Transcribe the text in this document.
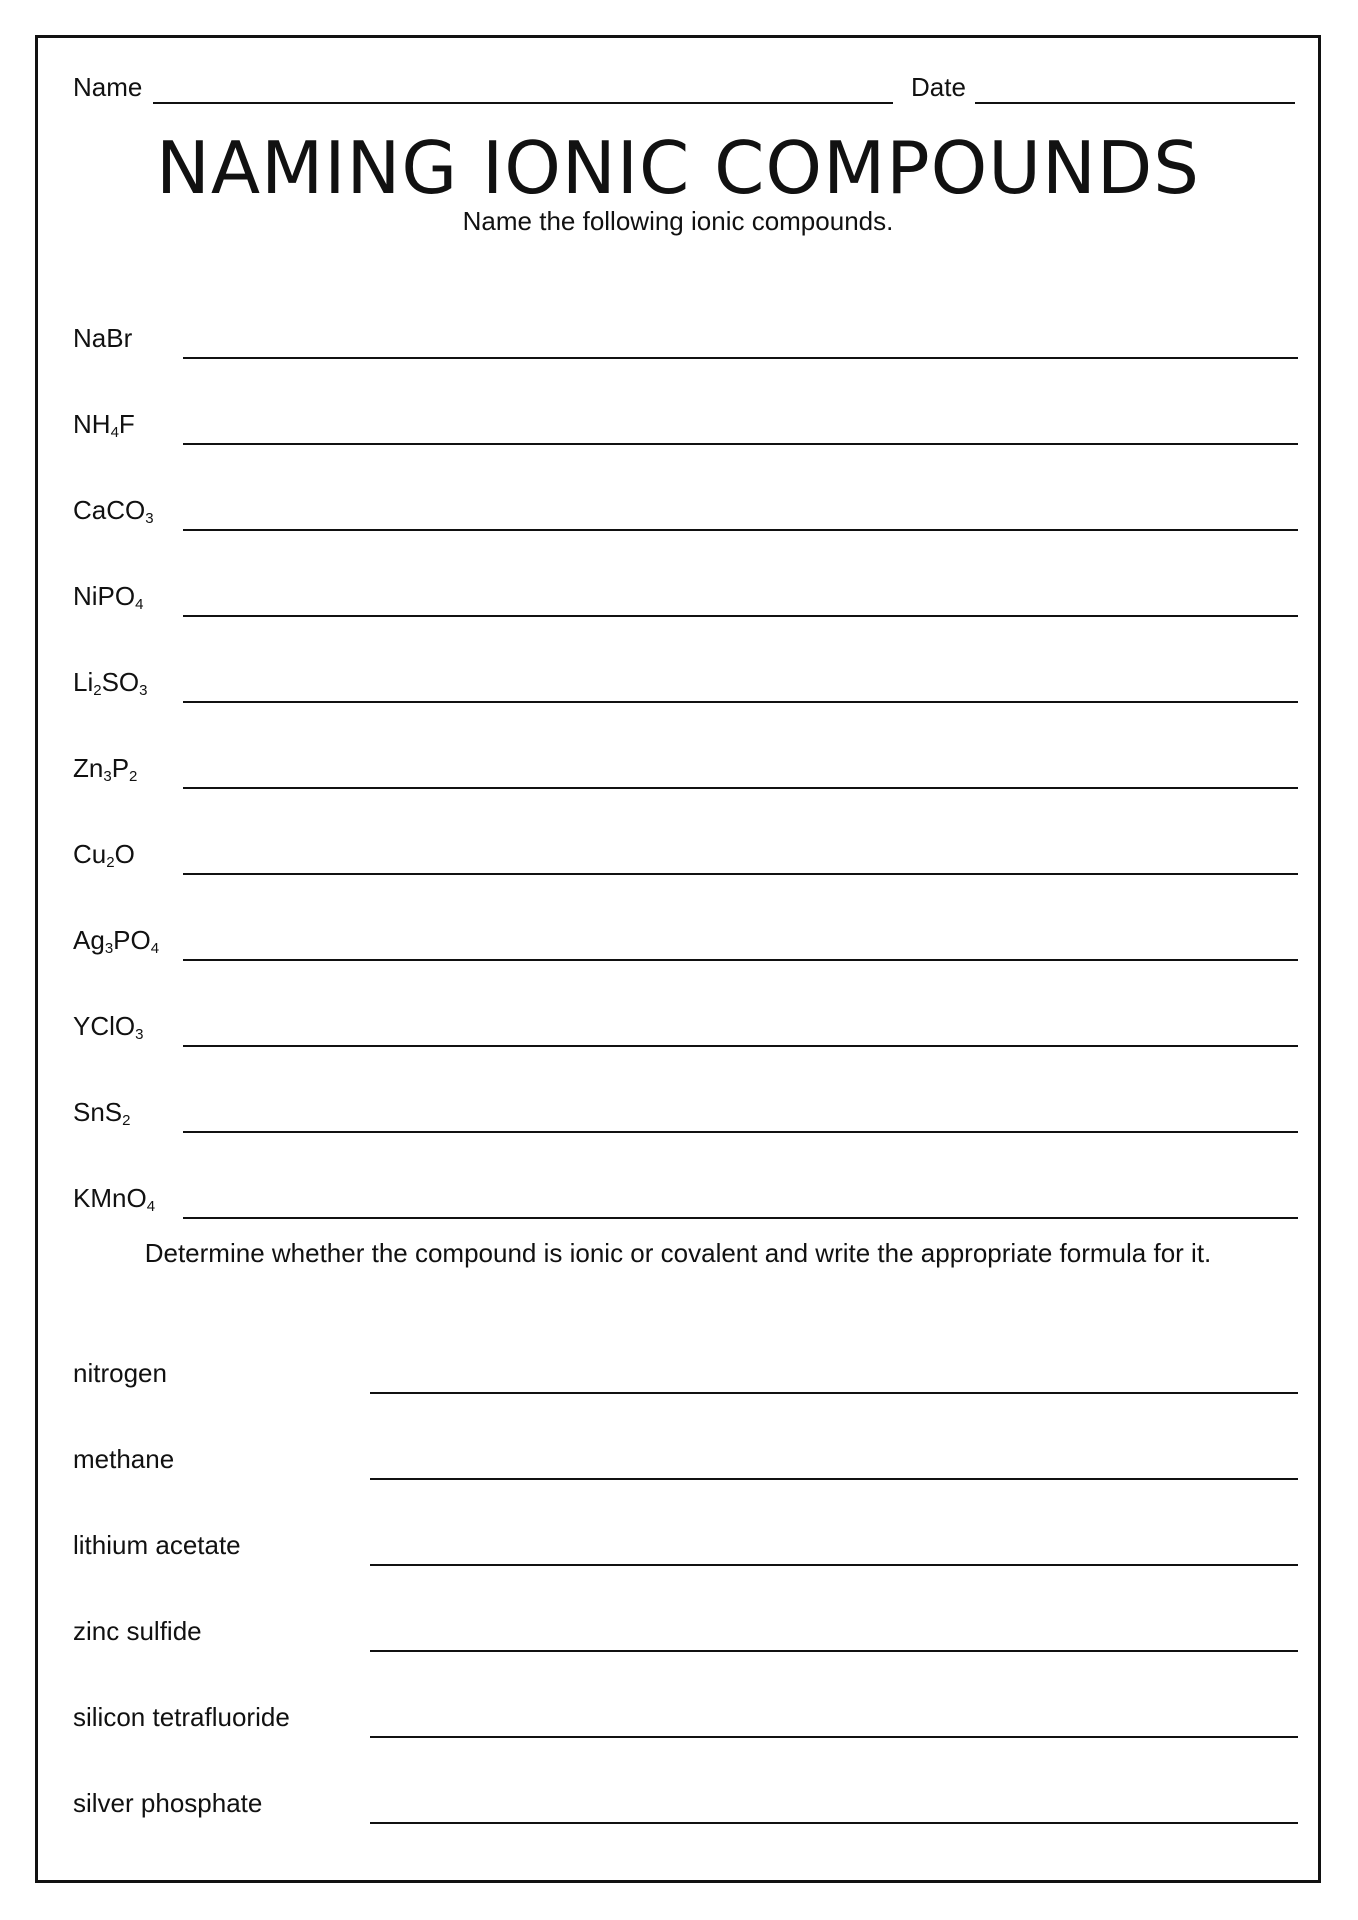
Name	Date
NAMING IONIC COMPOUNDS

Name the following ionic compounds.

NaBr
$NH_4F$
CaCO$_3$
NiPO$_4$
$Li_2SO_3$
$Zn_3P_2$
$Cu_2O$
$Ag_3PO_4$
YClO$_3$
SnS$_2$
KMnO$_4$

Determine whether the compound is ionic or covalent and write the appropriate formula for it.

nitrogen
methane
lithium acetate
zinc sulfide
silicon tetrafluoride
silver phosphate
